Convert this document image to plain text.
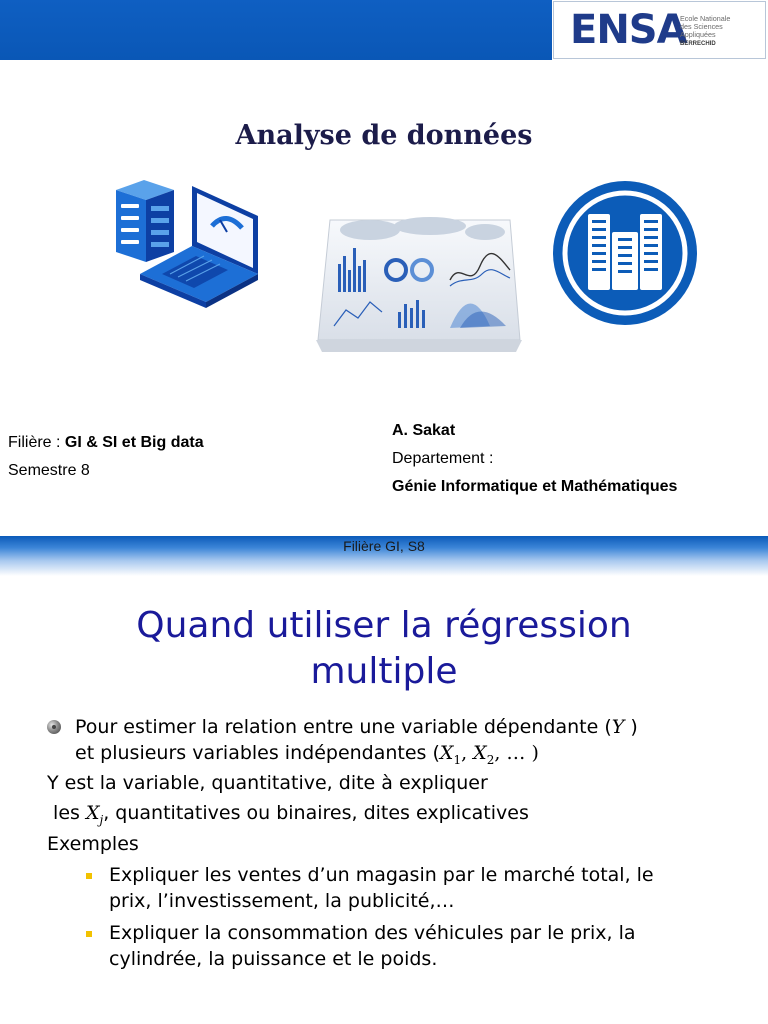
ENSA
Ecole Nationale
des Sciences
Appliquées
BERRECHID
Analyse de données
Filière : GI & SI et Big data
Semestre 8
A. Sakat
Departement :
Génie Informatique et Mathématiques
Filière GI, S8
Quand utiliser la régression
multiple
Pour estimer la relation entre une variable dépendante (Y )
et plusieurs variables indépendantes ($X_1$, $X_2$, … )
Y est la variable, quantitative, dite à expliquer
les $X_j$, quantitatives ou binaires, dites explicatives
Exemples
Expliquer les ventes d’un magasin par le marché total, le
prix, l’investissement, la publicité,…
Expliquer la consommation des véhicules par le prix, la
cylindrée, la puissance et le poids.
